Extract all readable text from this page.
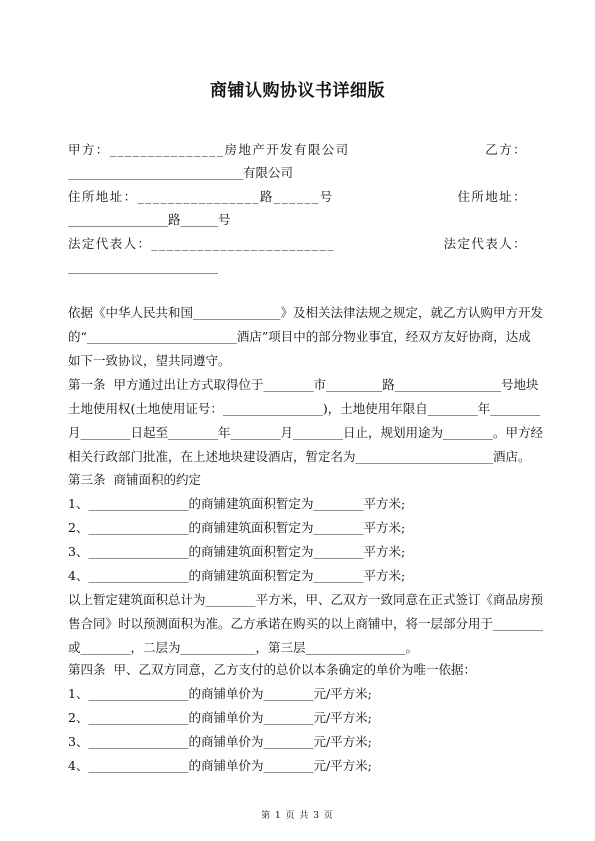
商铺认购协议书详细版
甲方：_______________房地产开发有限公司	乙方：
____________________________有限公司
住所地址：________________路______号	住所地址：
________________路______号
法定代表人：________________________	法定代表人：
________________________
依据《中华人民共和国______________》及相关法律法规之规定，就乙方认购甲方开发
的“________________________酒店”项目中的部分物业事宜，经双方友好协商，达成
如下一致协议，望共同遵守。
第一条  甲方通过出让方式取得位于________市_________路_________________号地块
土地使用权(土地使用证号：________________)，土地使用年限自________年________
月________日起至________年________月________日止，规划用途为________。甲方经
相关行政部门批准，在上述地块建设酒店，暂定名为______________________酒店。
第三条  商铺面积的约定
1、________________的商铺建筑面积暂定为________平方米;
2、________________的商铺建筑面积暂定为________平方米;
3、________________的商铺建筑面积暂定为________平方米;
4、________________的商铺建筑面积暂定为________平方米;
以上暂定建筑面积总计为________平方米，甲、乙双方一致同意在正式签订《商品房预
售合同》时以预测面积为准。乙方承诺在购买的以上商铺中，将一层部分用于________
或________，二层为____________，第三层________________。
第四条  甲、乙双方同意，乙方支付的总价以本条确定的单价为唯一依据：
1、________________的商铺单价为________元/平方米;
2、________________的商铺单价为________元/平方米;
3、________________的商铺单价为________元/平方米;
4、________________的商铺单价为________元/平方米;
第 1 页 共 3 页
